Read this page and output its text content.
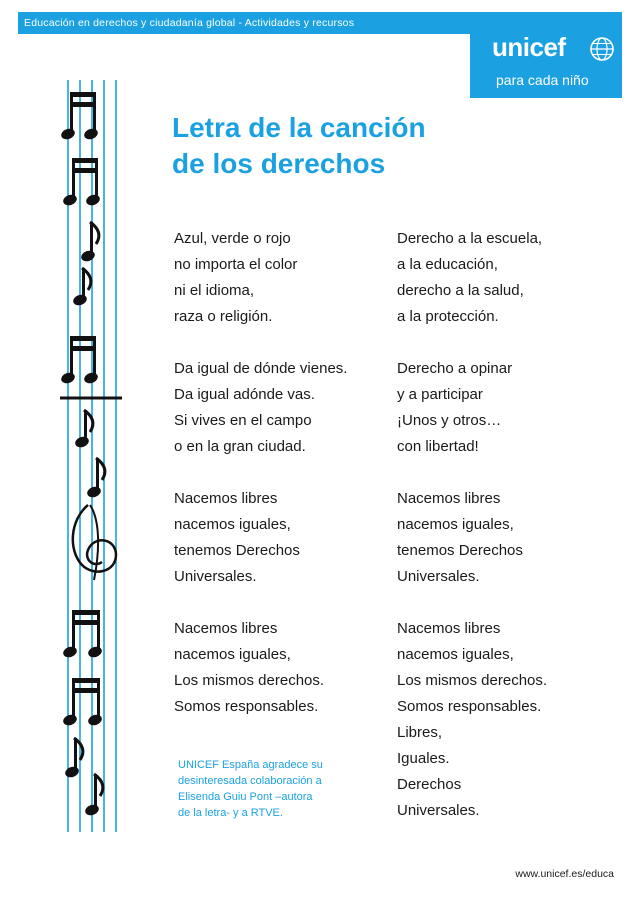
Educación en derechos y ciudadanía global - Actividades y recursos
unicef
para cada niño
Letra de la canción
de los derechos

Azul, verde o rojo
no importa el color
ni el idioma,
raza o religión.

Da igual de dónde vienes.
Da igual adónde vas.
Si vives en el campo
o en la gran ciudad.

Nacemos libres
nacemos iguales,
tenemos Derechos
Universales.

Nacemos libres
nacemos iguales,
Los mismos derechos.
Somos responsables.

Derecho a la escuela,
a la educación,
derecho a la salud,
a la protección.

Derecho a opinar
y a participar
¡Unos y otros…
con libertad!

Nacemos libres
nacemos iguales,
tenemos Derechos
Universales.

Nacemos libres
nacemos iguales,
Los mismos derechos.
Somos responsables.
Libres,
Iguales.
Derechos
Universales.

UNICEF España agradece su
desinteresada colaboración a
Elisenda Guiu Pont –autora
de la letra- y a RTVE.
www.unicef.es/educa
